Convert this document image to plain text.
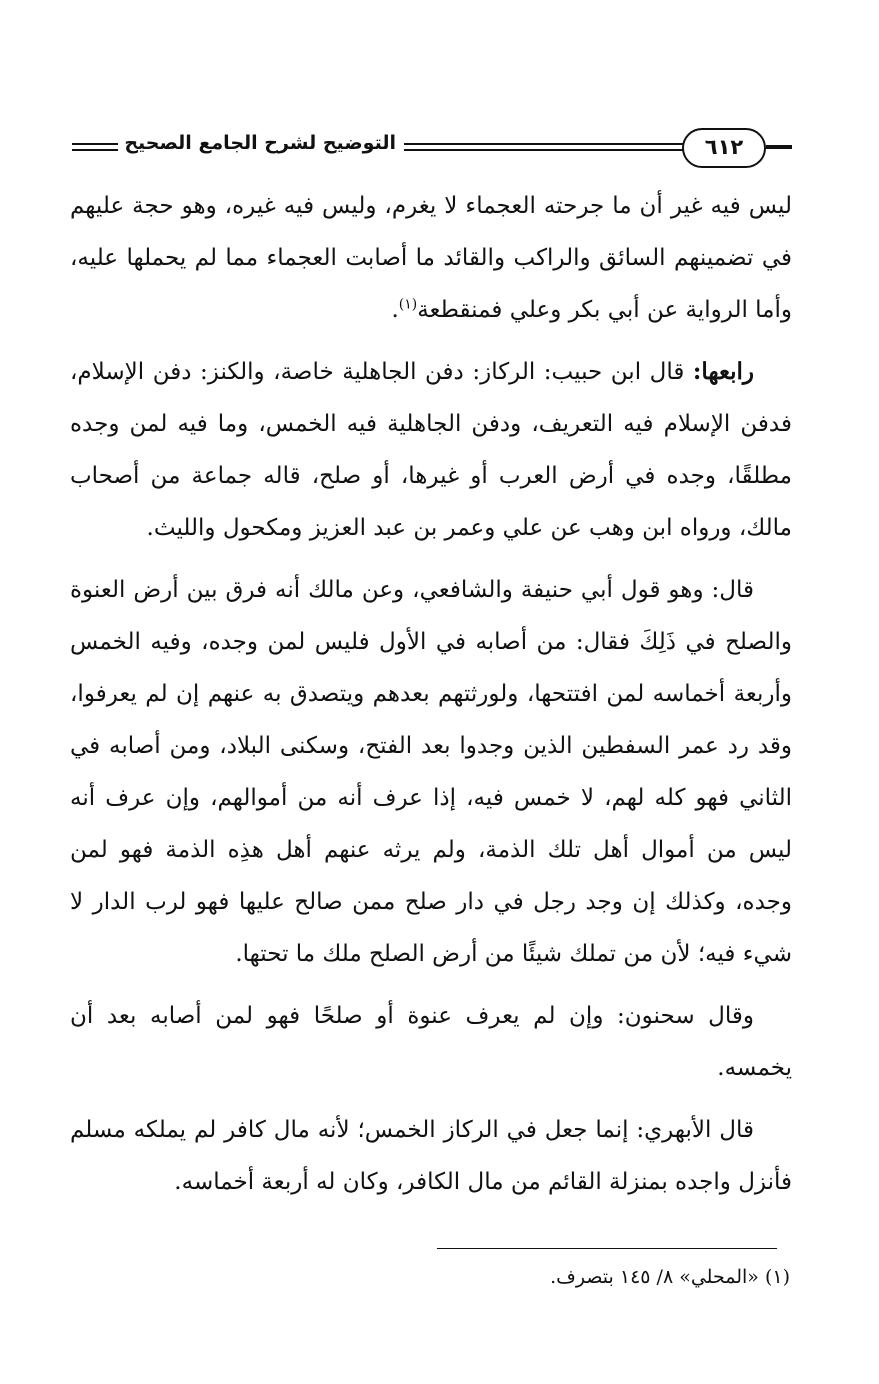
التوضيح لشرح الجامع الصحيح	٦١٢

ليس فيه غير أن ما جرحته العجماء لا يغرم، وليس فيه غيره، وهو حجة عليهم في تضمينهم السائق والراكب والقائد ما أصابت العجماء مما لم يحملها عليه، وأما الرواية عن أبي بكر وعلي فمنقطعة$^{(١)}$.

رابعها: قال ابن حبيب: الركاز: دفن الجاهلية خاصة، والكنز: دفن الإسلام، فدفن الإسلام فيه التعريف، ودفن الجاهلية فيه الخمس، وما فيه لمن وجده مطلقًا، وجده في أرض العرب أو غيرها، أو صلح، قاله جماعة من أصحاب مالك، ورواه ابن وهب عن علي وعمر بن عبد العزيز ومكحول والليث.

قال: وهو قول أبي حنيفة والشافعي، وعن مالك أنه فرق بين أرض العنوة والصلح في ذَلِكَ فقال: من أصابه في الأول فليس لمن وجده، وفيه الخمس وأربعة أخماسه لمن افتتحها، ولورثتهم بعدهم ويتصدق به عنهم إن لم يعرفوا، وقد رد عمر السفطين الذين وجدوا بعد الفتح، وسكنى البلاد، ومن أصابه في الثاني فهو كله لهم، لا خمس فيه، إذا عرف أنه من أموالهم، وإن عرف أنه ليس من أموال أهل تلك الذمة، ولم يرثه عنهم أهل هذِه الذمة فهو لمن وجده، وكذلك إن وجد رجل في دار صلح ممن صالح عليها فهو لرب الدار لا شيء فيه؛ لأن من تملك شيئًا من أرض الصلح ملك ما تحتها.

وقال سحنون: وإن لم يعرف عنوة أو صلحًا فهو لمن أصابه بعد أن يخمسه.

قال الأبهري: إنما جعل في الركاز الخمس؛ لأنه مال كافر لم يملكه مسلم فأنزل واجده بمنزلة القائم من مال الكافر، وكان له أربعة أخماسه.

(١) «المحلي» ٨/ ١٤٥ بتصرف.
